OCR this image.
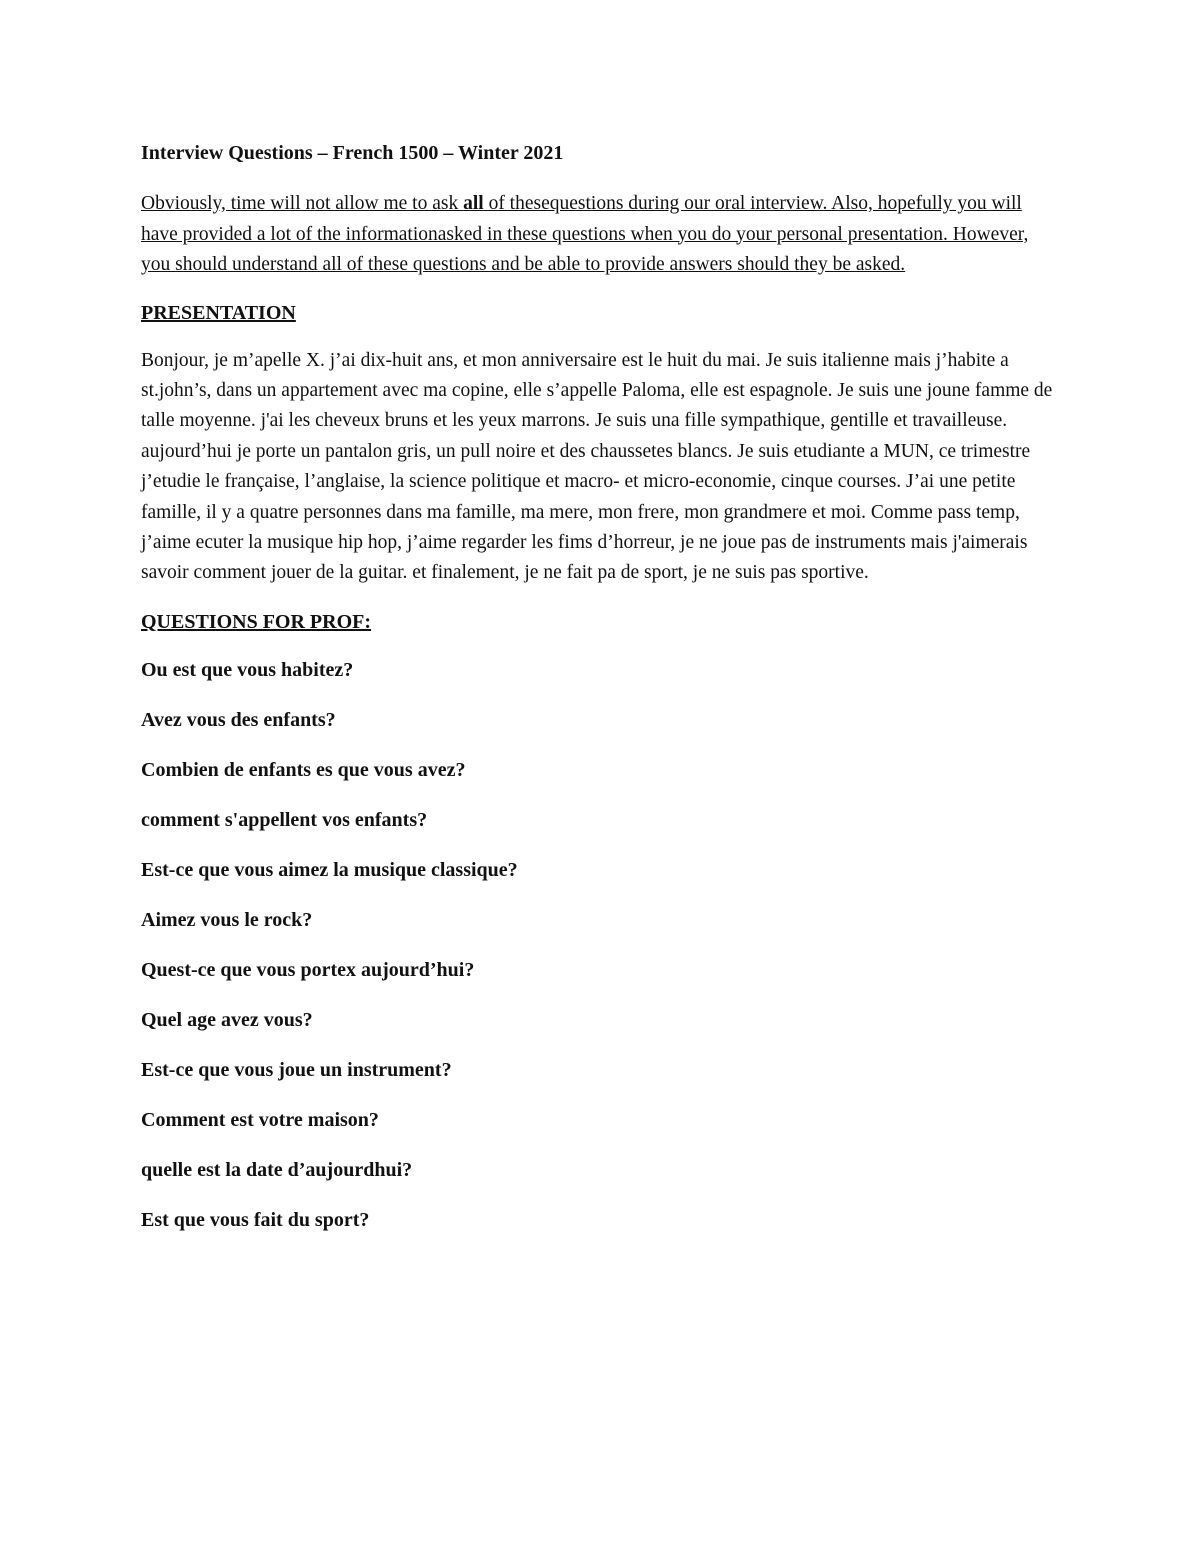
Interview Questions – French 1500 – Winter 2021

Obviously, time will not allow me to ask all of thesequestions during our oral interview. Also, hopefully you will have provided a lot of the informationasked in these questions when you do your personal presentation. However, you should understand all of these questions and be able to provide answers should they be asked.

PRESENTATION

Bonjour, je m’apelle X. j’ai dix-huit ans, et mon anniversaire est le huit du mai. Je suis italienne mais j’habite a st.john’s, dans un appartement avec ma copine, elle s’appelle Paloma, elle est espagnole. Je suis une joune famme de talle moyenne. j'ai les cheveux bruns et les yeux marrons. Je suis una fille sympathique, gentille et travailleuse. aujourd’hui je porte un pantalon gris, un pull noire et des chaussetes blancs. Je suis etudiante a MUN, ce trimestre j’etudie le française, l’anglaise, la science politique et macro- et micro-economie, cinque courses. J’ai une petite famille, il y a quatre personnes dans ma famille, ma mere, mon frere, mon grandmere et moi. Comme pass temp, j’aime ecuter la musique hip hop, j’aime regarder les fims d’horreur, je ne joue pas de instruments mais j'aimerais savoir comment jouer de la guitar. et finalement, je ne fait pa de sport, je ne suis pas sportive.

QUESTIONS FOR PROF:
Ou est que vous habitez?
Avez vous des enfants?
Combien de enfants es que vous avez?
comment s'appellent vos enfants?
Est-ce que vous aimez la musique classique?
Aimez vous le rock?
Quest-ce que vous portex aujourd’hui?
Quel age avez vous?
Est-ce que vous joue un instrument?
Comment est votre maison?
quelle est la date d’aujourdhui?
Est que vous fait du sport?
